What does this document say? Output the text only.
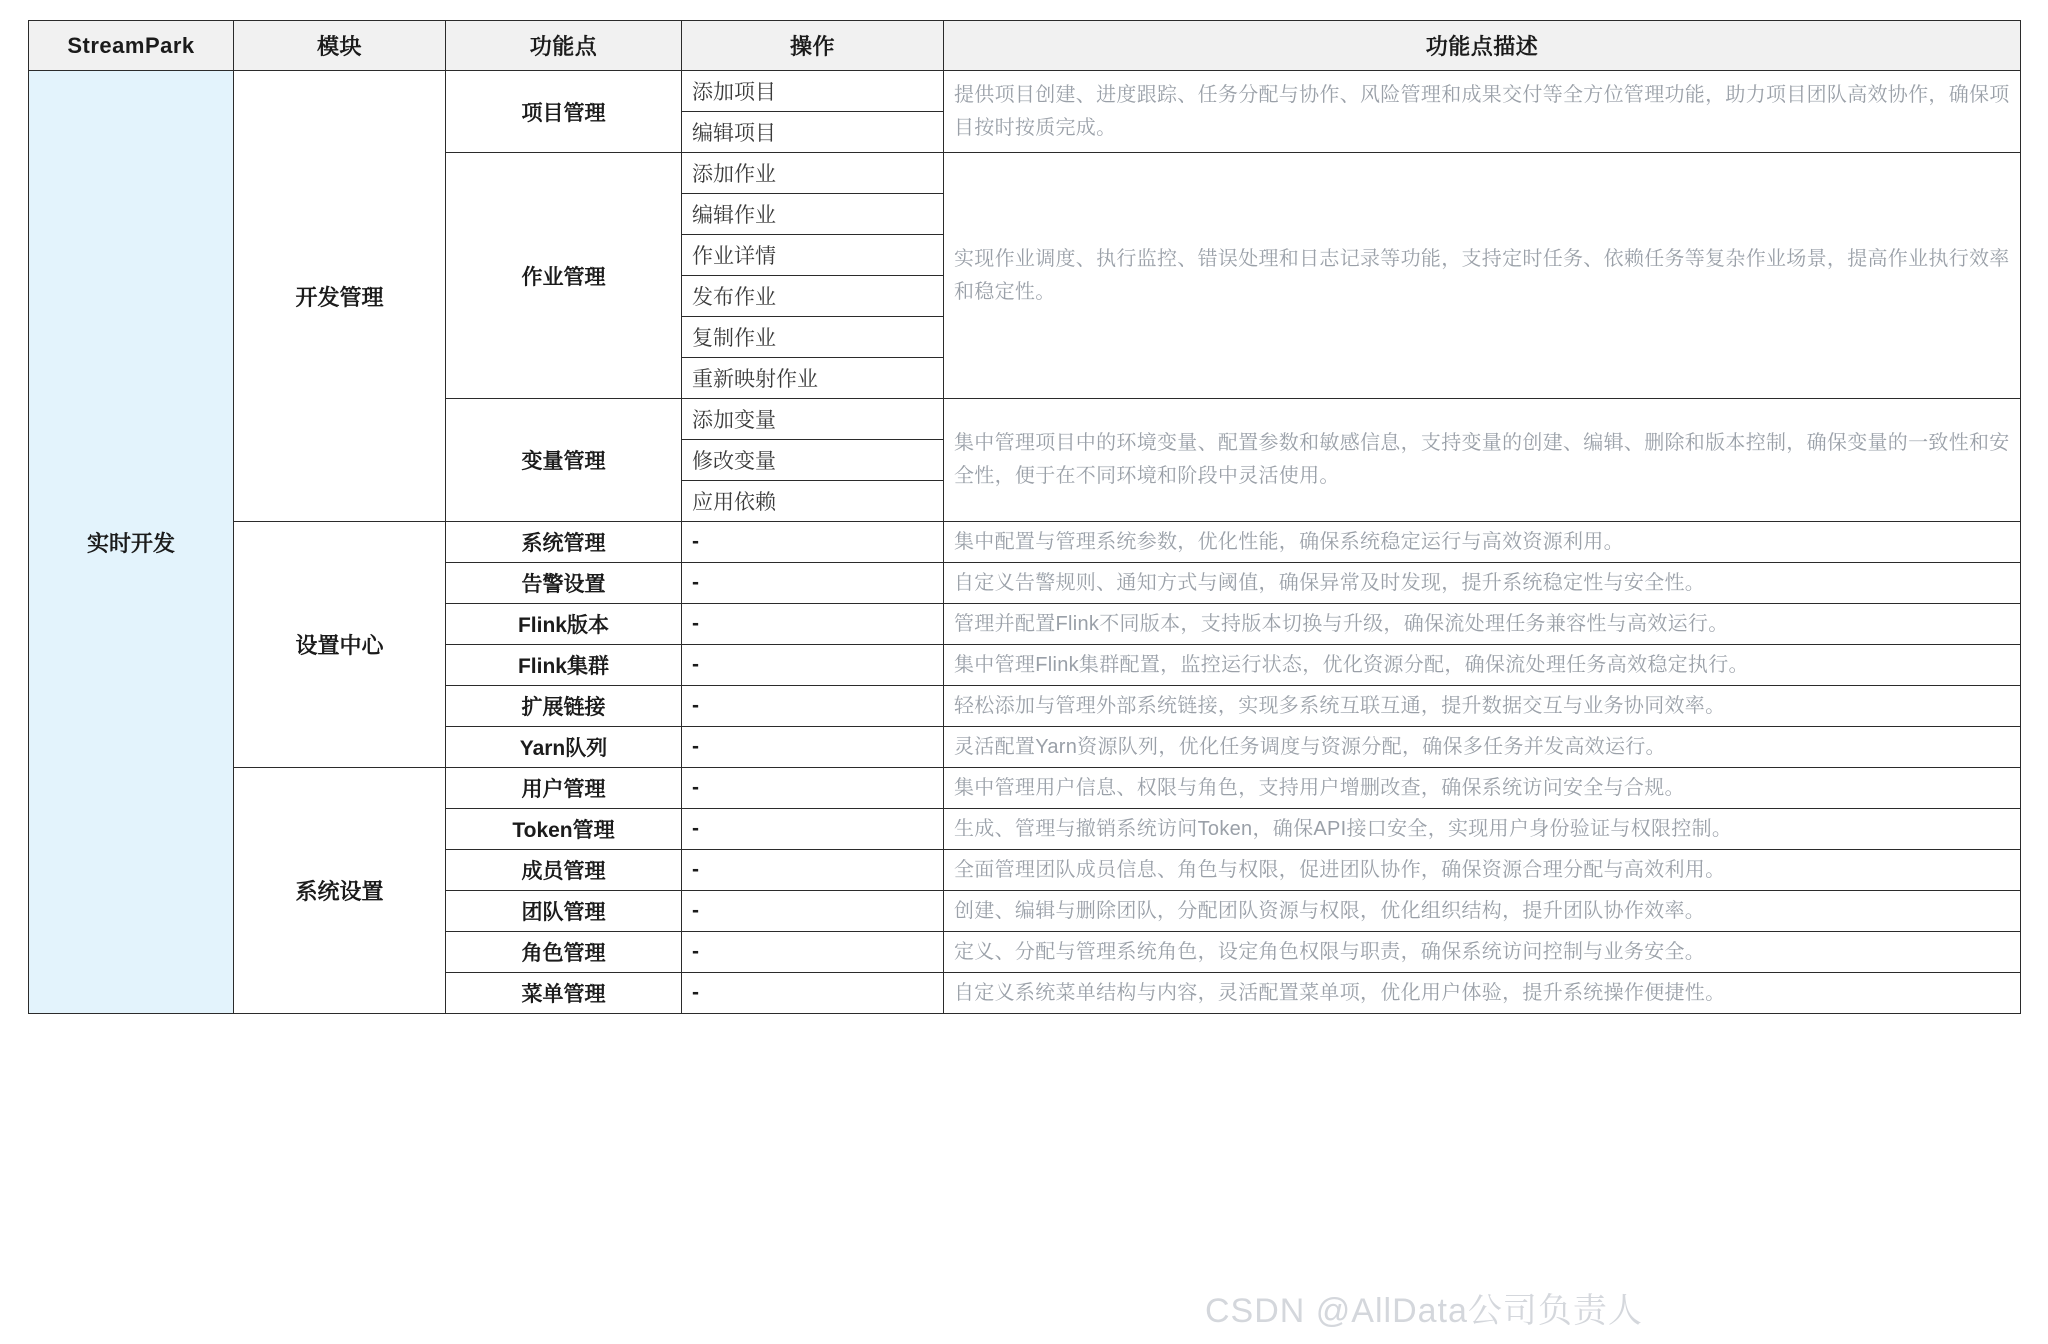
StreamPark	模块	功能点	操作	功能点描述
实时开发	开发管理	项目管理	添加项目	提供项目创建、进度跟踪、任务分配与协作、风险管理和成果交付等全方位管理功能，助力项目团队高效协作，确保项目按时按质完成。
			编辑项目	
		作业管理	添加作业	实现作业调度、执行监控、错误处理和日志记录等功能，支持定时任务、依赖任务等复杂作业场景，提高作业执行效率和稳定性。
			编辑作业	
			作业详情	
			发布作业	
			复制作业	
			重新映射作业	
		变量管理	添加变量	集中管理项目中的环境变量、配置参数和敏感信息，支持变量的创建、编辑、删除和版本控制，确保变量的一致性和安全性，便于在不同环境和阶段中灵活使用。
			修改变量	
			应用依赖	
	设置中心	系统管理	-	集中配置与管理系统参数，优化性能，确保系统稳定运行与高效资源利用。
		告警设置	-	自定义告警规则、通知方式与阈值，确保异常及时发现，提升系统稳定性与安全性。
		Flink版本	-	管理并配置Flink不同版本，支持版本切换与升级，确保流处理任务兼容性与高效运行。
		Flink集群	-	集中管理Flink集群配置，监控运行状态，优化资源分配，确保流处理任务高效稳定执行。
		扩展链接	-	轻松添加与管理外部系统链接，实现多系统互联互通，提升数据交互与业务协同效率。
		Yarn队列	-	灵活配置Yarn资源队列，优化任务调度与资源分配，确保多任务并发高效运行。
	系统设置	用户管理	-	集中管理用户信息、权限与角色，支持用户增删改查，确保系统访问安全与合规。
		Token管理	-	生成、管理与撤销系统访问Token，确保API接口安全，实现用户身份验证与权限控制。
		成员管理	-	全面管理团队成员信息、角色与权限，促进团队协作，确保资源合理分配与高效利用。
		团队管理	-	创建、编辑与删除团队，分配团队资源与权限，优化组织结构，提升团队协作效率。
		角色管理	-	定义、分配与管理系统角色，设定角色权限与职责，确保系统访问控制与业务安全。
		菜单管理	-	自定义系统菜单结构与内容，灵活配置菜单项，优化用户体验，提升系统操作便捷性。
CSDN @AllData公司负责人
